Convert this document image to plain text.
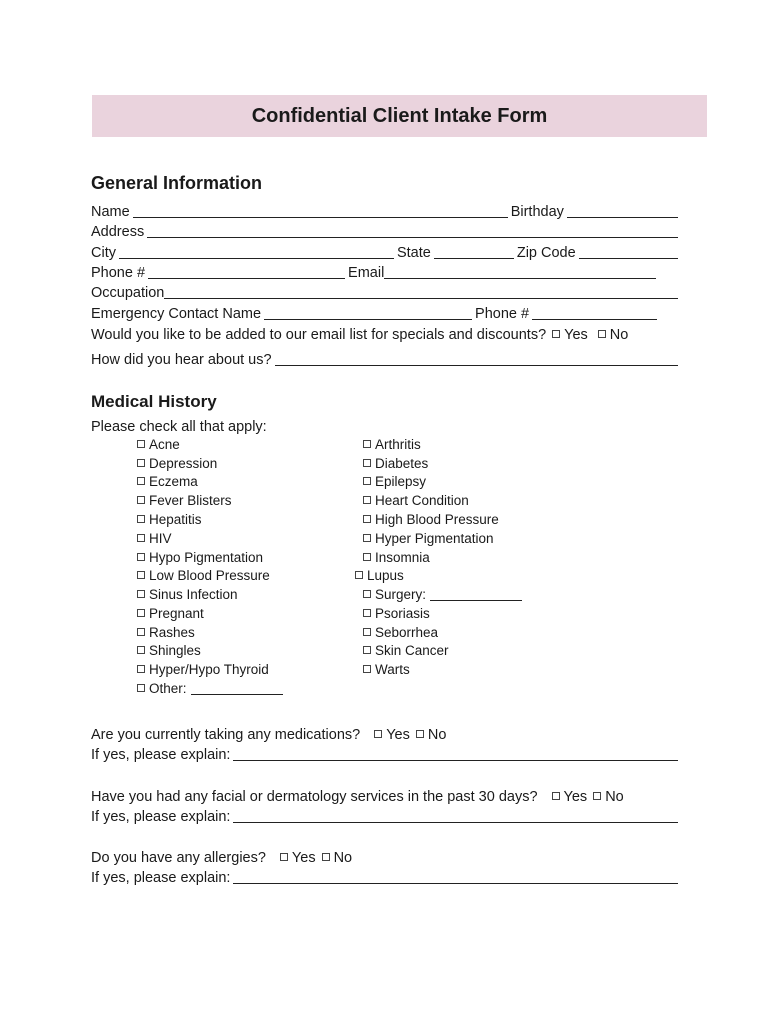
Confidential Client Intake Form
General Information
Name	Birthday
Address
City	State	Zip Code
Phone #	Email
Occupation
Emergency Contact Name	Phone #
Would you like to be added to our email list for specials and discounts? Yes No
How did you hear about us?
Medical History
Please check all that apply:
Acne
Depression
Eczema
Fever Blisters
Hepatitis
HIV
Hypo Pigmentation
Low Blood Pressure
Sinus Infection
Pregnant
Rashes
Shingles
Hyper/Hypo Thyroid
Other:
Arthritis
Diabetes
Epilepsy
Heart Condition
High Blood Pressure
Hyper Pigmentation
Insomnia
Lupus
Surgery:
Psoriasis
Seborrhea
Skin Cancer
Warts
Are you currently taking any medications? Yes No
If yes, please explain:
Have you had any facial or dermatology services in the past 30 days? Yes No
If yes, please explain:
Do you have any allergies? Yes No
If yes, please explain:
